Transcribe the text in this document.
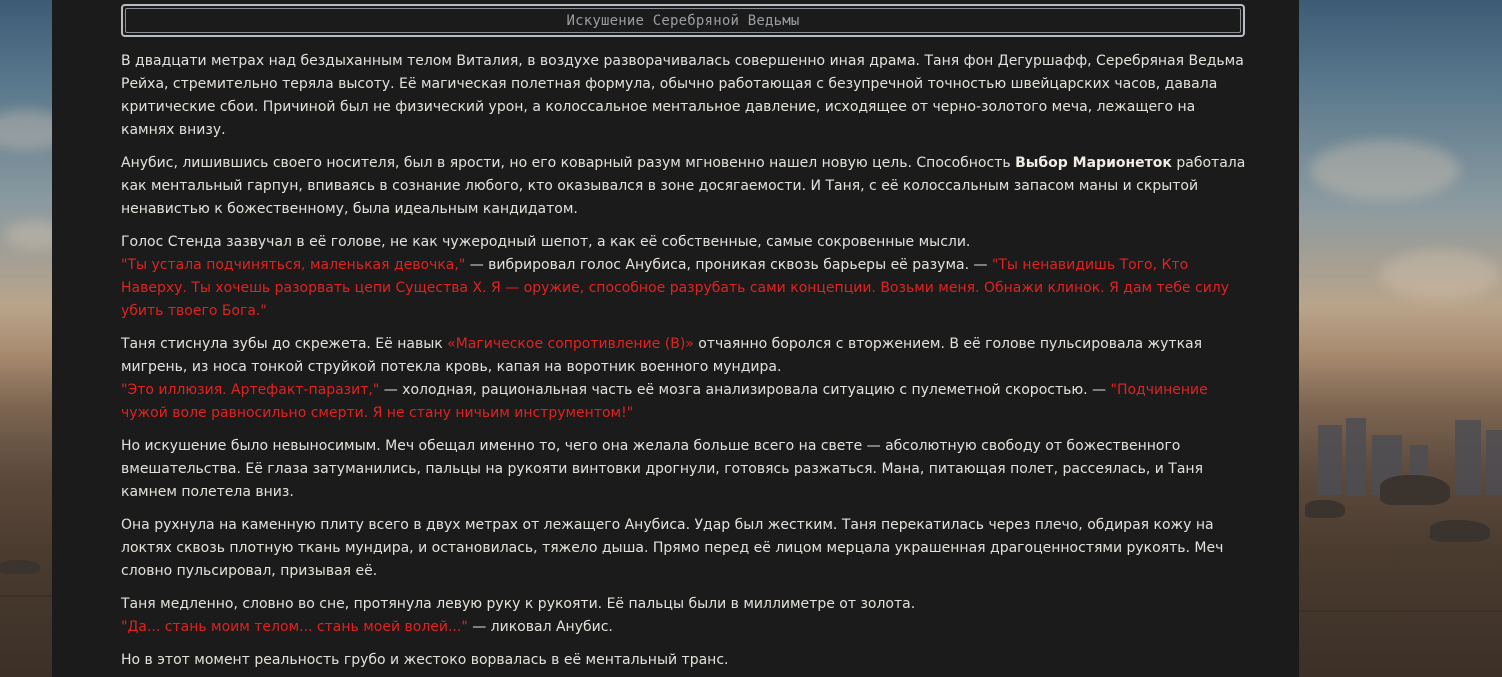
Искушение Серебряной Ведьмы

В двадцати метрах над бездыханным телом Виталия, в воздухе разворачивалась совершенно иная драма. Таня фон Дегуршафф, Серебряная Ведьма Рейха, стремительно теряла высоту. Её магическая полетная формула, обычно работающая с безупречной точностью швейцарских часов, давала критические сбои. Причиной был не физический урон, а колоссальное ментальное давление, исходящее от черно-золотого меча, лежащего на камнях внизу.

Анубис, лишившись своего носителя, был в ярости, но его коварный разум мгновенно нашел новую цель. Способность Выбор Марионеток работала как ментальный гарпун, впиваясь в сознание любого, кто оказывался в зоне досягаемости. И Таня, с её колоссальным запасом маны и скрытой ненавистью к божественному, была идеальным кандидатом.

Голос Стенда зазвучал в её голове, не как чужеродный шепот, а как её собственные, самые сокровенные мысли.
"Ты устала подчиняться, маленькая девочка," — вибрировал голос Анубиса, проникая сквозь барьеры её разума. — "Ты ненавидишь Того, Кто Наверху. Ты хочешь разорвать цепи Существа Х. Я — оружие, способное разрубать сами концепции. Возьми меня. Обнажи клинок. Я дам тебе силу убить твоего Бога."

Таня стиснула зубы до скрежета. Её навык «Магическое сопротивление (B)» отчаянно боролся с вторжением. В её голове пульсировала жуткая мигрень, из носа тонкой струйкой потекла кровь, капая на воротник военного мундира.
"Это иллюзия. Артефакт-паразит," — холодная, рациональная часть её мозга анализировала ситуацию с пулеметной скоростью. — "Подчинение чужой воле равносильно смерти. Я не стану ничьим инструментом!"

Но искушение было невыносимым. Меч обещал именно то, чего она желала больше всего на свете — абсолютную свободу от божественного вмешательства. Её глаза затуманились, пальцы на рукояти винтовки дрогнули, готовясь разжаться. Мана, питающая полет, рассеялась, и Таня камнем полетела вниз.

Она рухнула на каменную плиту всего в двух метрах от лежащего Анубиса. Удар был жестким. Таня перекатилась через плечо, обдирая кожу на локтях сквозь плотную ткань мундира, и остановилась, тяжело дыша. Прямо перед её лицом мерцала украшенная драгоценностями рукоять. Меч словно пульсировал, призывая её.

Таня медленно, словно во сне, протянула левую руку к рукояти. Её пальцы были в миллиметре от золота.
"Да... стань моим телом... стань моей волей..." — ликовал Анубис.

Но в этот момент реальность грубо и жестоко ворвалась в её ментальный транс.
